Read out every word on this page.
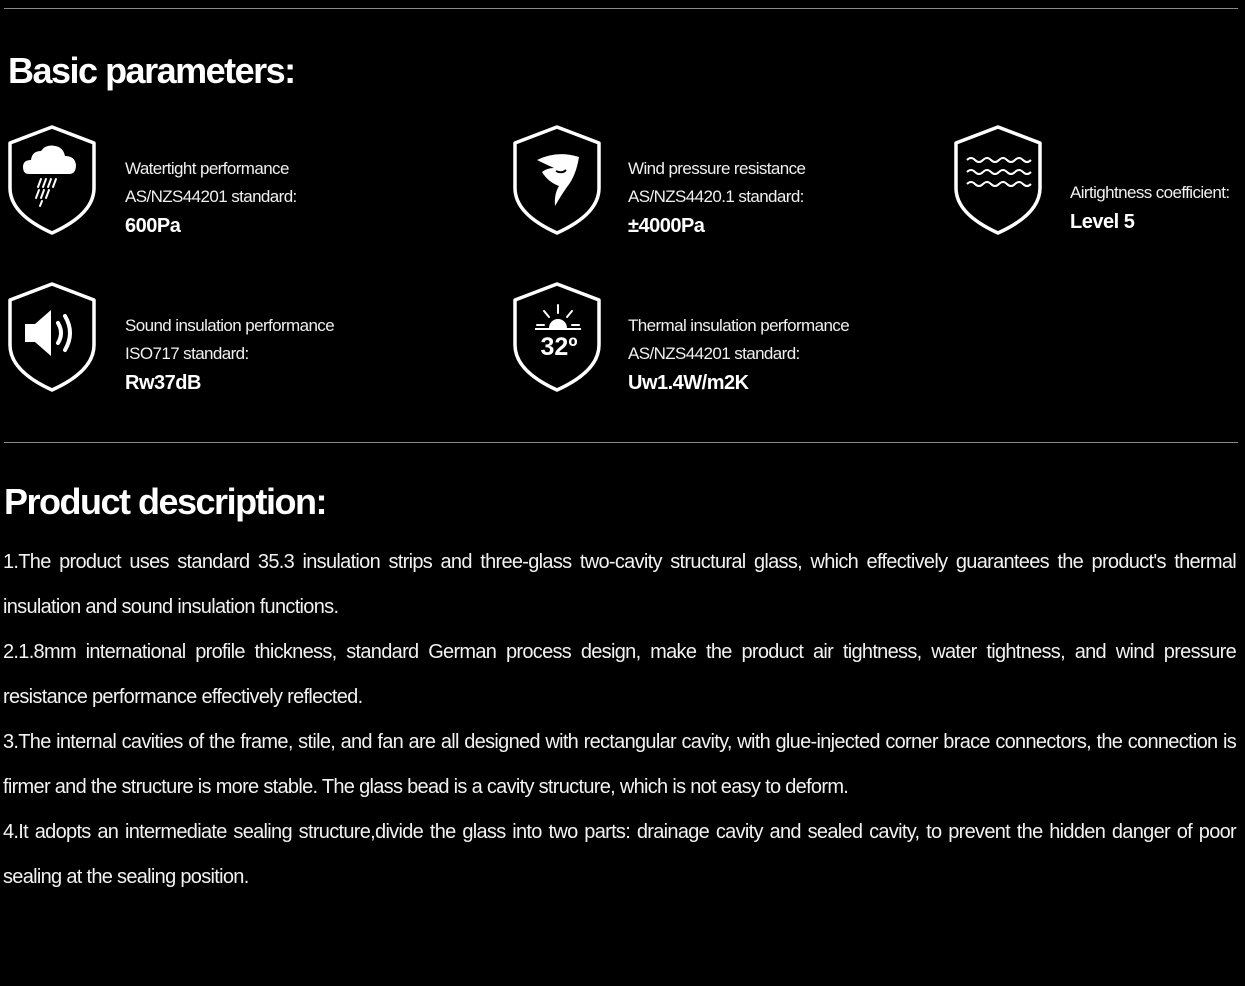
Basic parameters:
Watertight performance
AS/NZS44201 standard:
600Pa
Wind pressure resistance
AS/NZS4420.1 standard:
±4000Pa
Airtightness coefficient:
Level 5
Sound insulation performance
ISO717 standard:
Rw37dB
32º
Thermal insulation performance
AS/NZS44201 standard:
Uw1.4W/m2K
Product description:

1.The product uses standard 35.3 insulation strips and three-glass two-cavity structural glass, which effectively guarantees the product's thermal insulation and sound insulation functions.

2.1.8mm international profile thickness, standard German process design, make the product air tightness, water tightness, and wind pressure resistance performance effectively reflected.

3.The internal cavities of the frame, stile, and fan are all designed with rectangular cavity, with glue-injected corner brace connectors, the connection is firmer and the structure is more stable. The glass bead is a cavity structure, which is not easy to deform.

4.It adopts an intermediate sealing structure,divide the glass into two parts: drainage cavity and sealed cavity, to prevent the hidden danger of poor sealing at the sealing position.
